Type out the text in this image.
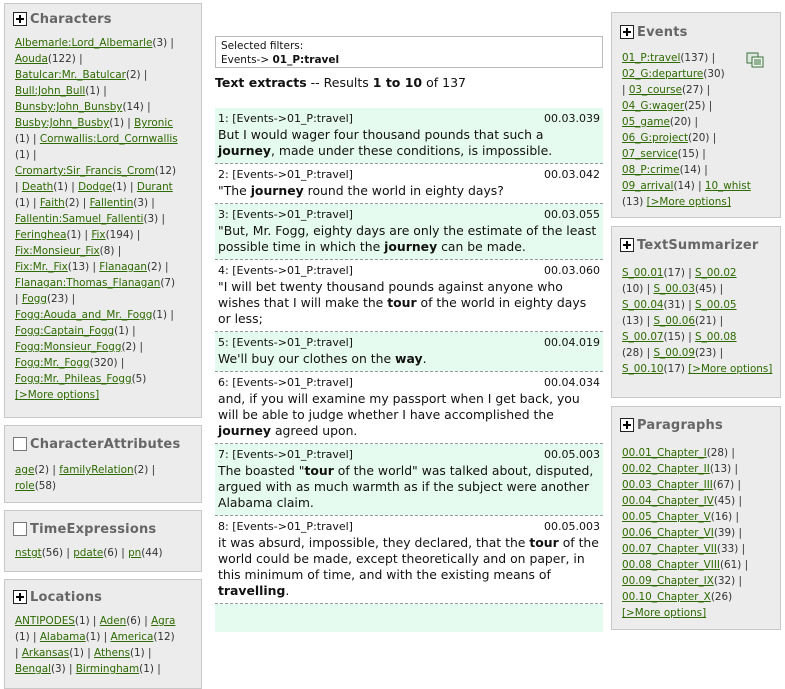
Characters
Albemarle:Lord_Albemarle(3) |
Aouda(122) |
Batulcar:Mr._Batulcar(2) |
Bull:John_Bull(1) |
Bunsby:John_Bunsby(14) |
Busby:John_Busby(1) | Byronic
(1) | Cornwallis:Lord_Cornwallis
(1) |
Cromarty:Sir_Francis_Crom(12)
| Death(1) | Dodge(1) | Durant
(1) | Faith(2) | Fallentin(3) |
Fallentin:Samuel_Fallenti(3) |
Feringhea(1) | Fix(194) |
Fix:Monsieur_Fix(8) |
Fix:Mr._Fix(13) | Flanagan(2) |
Flanagan:Thomas_Flanagan(7)
| Fogg(23) |
Fogg:Aouda_and_Mr._Fogg(1) |
Fogg:Captain_Fogg(1) |
Fogg:Monsieur_Fogg(2) |
Fogg:Mr._Fogg(320) |
Fogg:Mr._Phileas_Fogg(5)
[>More options]
CharacterAttributes
age(2) | familyRelation(2) |
role(58)
TimeExpressions
nstgt(56) | pdate(6) | pn(44)
Locations
ANTIPODES(1) | Aden(6) | Agra
(1) | Alabama(1) | America(12)
| Arkansas(1) | Athens(1) |
Bengal(3) | Birmingham(1) |
Selected filters:
Events-> 01_P:travel
Text extracts -- Results 1 to 10 of 137
1: [Events->01_P:travel]	00.03.039
But I would wager four thousand pounds that such a journey, made under these conditions, is impossible.
2: [Events->01_P:travel]	00.03.042
"The journey round the world in eighty days?
3: [Events->01_P:travel]	00.03.055
"But, Mr. Fogg, eighty days are only the estimate of the least possible time in which the journey can be made.
4: [Events->01_P:travel]	00.03.060
"I will bet twenty thousand pounds against anyone who wishes that I will make the tour of the world in eighty days or less;
5: [Events->01_P:travel]	00.04.019
We'll buy our clothes on the way.
6: [Events->01_P:travel]	00.04.034
and, if you will examine my passport when I get back, you will be able to judge whether I have accomplished the journey agreed upon.
7: [Events->01_P:travel]	00.05.003
The boasted "tour of the world" was talked about, disputed, argued with as much warmth as if the subject were another Alabama claim.
8: [Events->01_P:travel]	00.05.003
it was absurd, impossible, they declared, that the tour of the world could be made, except theoretically and on paper, in this minimum of time, and with the existing means of travelling.
Events
01_P:travel(137) |
02_G:departure(30)
| 03_course(27) |
04_G:wager(25) |
05_game(20) |
06_G:project(20) |
07_service(15) |
08_P:crime(14) |
09_arrival(14) | 10_whist
(13) [>More options]
TextSummarizer
S_00.01(17) | S_00.02
(10) | S_00.03(45) |
S_00.04(31) | S_00.05
(13) | S_00.06(21) |
S_00.07(15) | S_00.08
(28) | S_00.09(23) |
S_00.10(17) [>More options]
Paragraphs
00.01_Chapter_I(28) |
00.02_Chapter_II(13) |
00.03_Chapter_III(67) |
00.04_Chapter_IV(45) |
00.05_Chapter_V(16) |
00.06_Chapter_VI(39) |
00.07_Chapter_VII(33) |
00.08_Chapter_VIII(61) |
00.09_Chapter_IX(32) |
00.10_Chapter_X(26)
[>More options]
